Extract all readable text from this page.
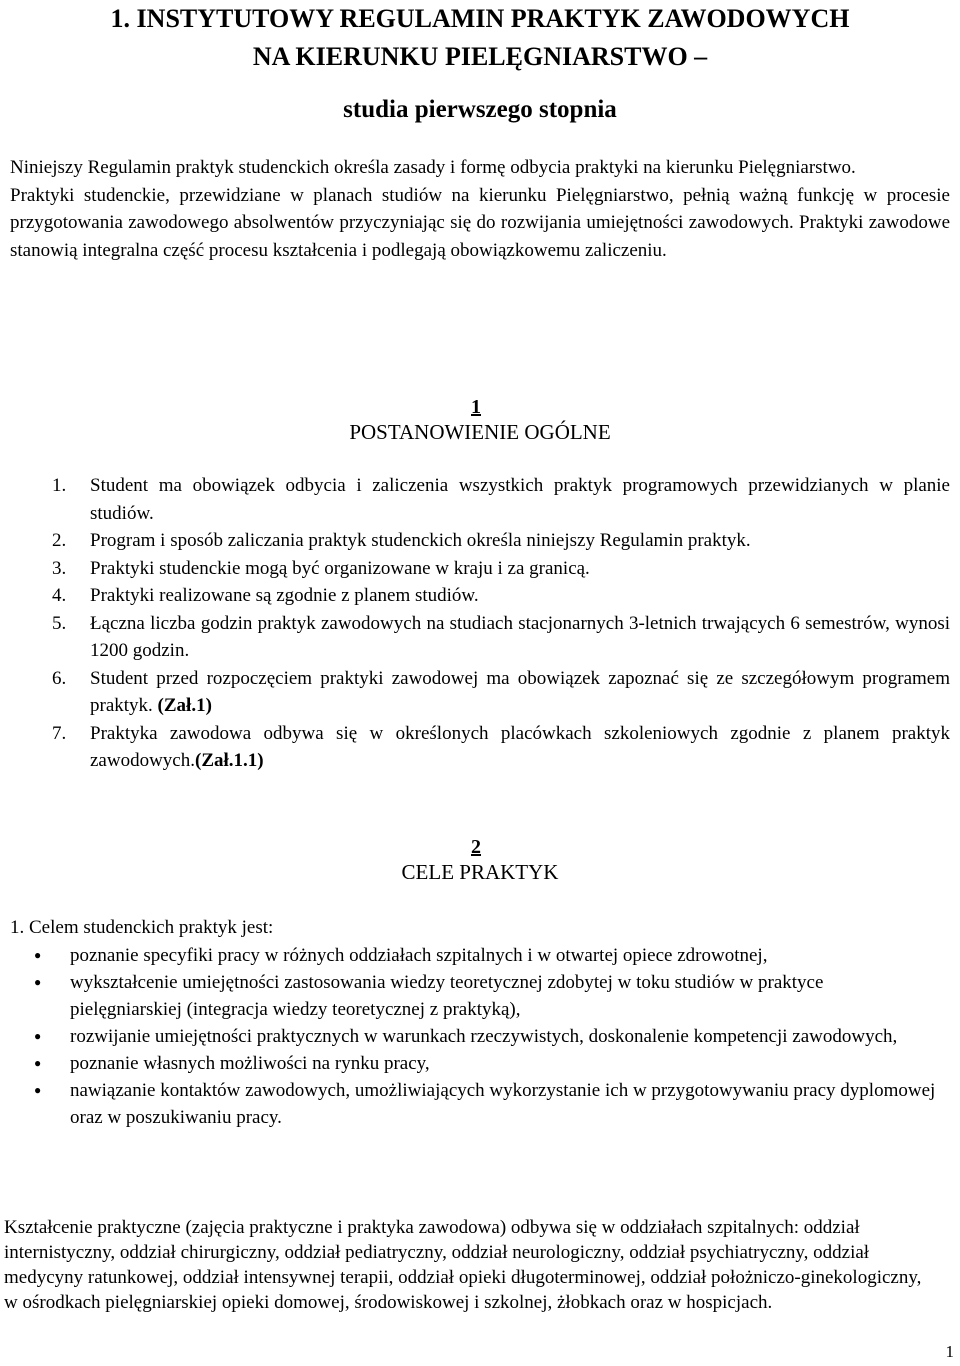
1. INSTYTUTOWY REGULAMIN PRAKTYK ZAWODOWYCH
NA KIERUNKU PIELĘGNIARSTWO –
studia pierwszego stopnia

Niniejszy Regulamin praktyk studenckich określa zasady i formę odbycia praktyki na kierunku Pielęgniarstwo.

Praktyki studenckie, przewidziane w planach studiów na kierunku Pielęgniarstwo, pełnią ważną funkcję w procesie przygotowania zawodowego absolwentów przyczyniając się do rozwijania umiejętności zawodowych. Praktyki zawodowe stanowią integralna część procesu kształcenia i podlegają obowiązkowemu zaliczeniu.

1
POSTANOWIENIE OGÓLNE
1.	Student ma obowiązek odbycia i zaliczenia wszystkich praktyk programowych przewidzianych w planie studiów.
2.	Program i sposób zaliczania praktyk studenckich określa niniejszy Regulamin praktyk.
3.	Praktyki studenckie mogą być organizowane w kraju i za granicą.
4.	Praktyki realizowane są zgodnie z planem studiów.
5.	Łączna liczba godzin praktyk zawodowych na studiach stacjonarnych 3-letnich trwających 6 semestrów, wynosi 1200 godzin.
6.	Student przed rozpoczęciem praktyki zawodowej ma obowiązek zapoznać się ze szczegółowym programem praktyk. (Zał.1)
7.	Praktyka zawodowa odbywa się w określonych placówkach szkoleniowych zgodnie z planem praktyk zawodowych.(Zał.1.1)
2
CELE PRAKTYK
1. Celem studenckich praktyk jest:
●	poznanie specyfiki pracy w różnych oddziałach szpitalnych i w otwartej opiece zdrowotnej,
●	wykształcenie umiejętności zastosowania wiedzy teoretycznej zdobytej w toku studiów w praktyce pielęgniarskiej (integracja wiedzy teoretycznej z praktyką),
●	rozwijanie umiejętności praktycznych w warunkach rzeczywistych, doskonalenie kompetencji zawodowych,
●	poznanie własnych możliwości na rynku pracy,
●	nawiązanie kontaktów zawodowych, umożliwiających wykorzystanie ich w przygotowywaniu pracy dyplomowej oraz w poszukiwaniu pracy.

Kształcenie praktyczne (zajęcia praktyczne i praktyka zawodowa) odbywa się w oddziałach szpitalnych: oddział internistyczny, oddział chirurgiczny, oddział pediatryczny, oddział neurologiczny, oddział psychiatryczny, oddział medycyny ratunkowej, oddział intensywnej terapii, oddział opieki długoterminowej, oddział położniczo-ginekologiczny, w ośrodkach pielęgniarskiej opieki domowej, środowiskowej i szkolnej, żłobkach oraz w hospicjach.

1
